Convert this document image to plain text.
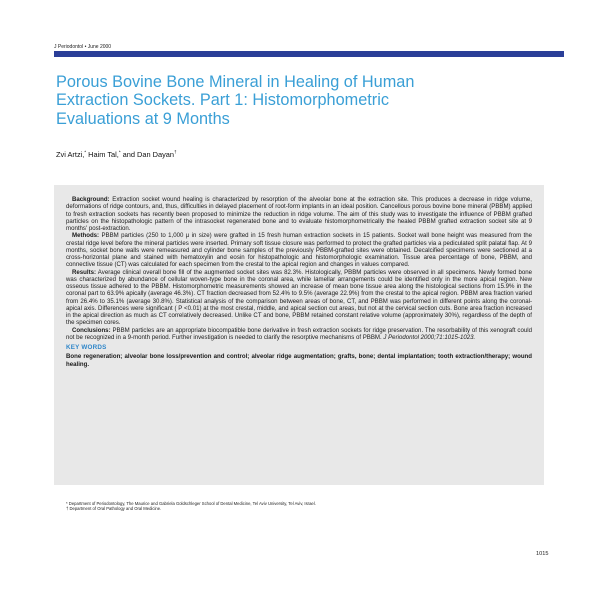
J Periodontol • June 2000
Porous Bovine Bone Mineral in Healing of Human Extraction Sockets. Part 1: Histomorphometric Evaluations at 9 Months
Zvi Artzi,* Haim Tal,* and Dan Dayan†

Background: Extraction socket wound healing is characterized by resorption of the alveolar bone at the extraction site. This produces a decrease in ridge volume, deformations of ridge contours, and, thus, difficulties in delayed placement of root-form implants in an ideal position. Cancellous porous bovine bone mineral (PBBM) applied to fresh extraction sockets has recently been proposed to minimize the reduction in ridge volume. The aim of this study was to investigate the influence of PBBM grafted particles on the histopathologic pattern of the intrasocket regenerated bone and to evaluate histomorphometrically the healed PBBM grafted extraction socket site at 9 months' post-extraction.

Methods: PBBM particles (250 to 1,000 μ in size) were grafted in 15 fresh human extraction sockets in 15 patients. Socket wall bone height was measured from the crestal ridge level before the mineral particles were inserted. Primary soft tissue closure was performed to protect the grafted particles via a pediculated split palatal flap. At 9 months, socket bone walls were remeasured and cylinder bone samples of the previously PBBM-grafted sites were obtained. Decalcified specimens were sectioned at a cross-horizontal plane and stained with hematoxylin and eosin for histopathologic and histomorphologic examination. Tissue area percentage of bone, PBBM, and connective tissue (CT) was calculated for each specimen from the crestal to the apical region and changes in values compared.

Results: Average clinical overall bone fill of the augmented socket sites was 82.3%. Histologically, PBBM particles were observed in all specimens. Newly formed bone was characterized by abundance of cellular woven-type bone in the coronal area, while lamellar arrangements could be identified only in the more apical region. New osseous tissue adhered to the PBBM. Histomorphometric measurements showed an increase of mean bone tissue area along the histological sections from 15.9% in the coronal part to 63.9% apically (average 46.3%). CT fraction decreased from 52.4% to 9.5% (average 22.9%) from the crestal to the apical region. PBBM area fraction varied from 26.4% to 35.1% (average 30.8%). Statistical analysis of the comparison between areas of bone, CT, and PBBM was performed in different points along the coronal-apical axis. Differences were significant ( P <0.01) at the most crestal, middle, and apical section cut areas, but not at the cervical section cuts. Bone area fraction increased in the apical direction as much as CT correlatively decreased. Unlike CT and bone, PBBM retained constant relative volume (approximately 30%), regardless of the depth of the specimen cores.

Conclusions: PBBM particles are an appropriate biocompatible bone derivative in fresh extraction sockets for ridge preservation. The resorbability of this xenograft could not be recognized in a 9-month period. Further investigation is needed to clarify the resorptive mechanisms of PBBM. J Periodontol 2000;71:1015-1023.

KEY WORDS
Bone regeneration; alveolar bone loss/prevention and control; alveolar ridge augmentation; grafts, bone; dental implantation; tooth extraction/therapy; wound healing.
* Department of Periodontology, The Maurice and Gabriela Goldschleger School of Dental Medicine, Tel Aviv University, Tel Aviv, Israel.
† Department of Oral Pathology and Oral Medicine.
1015
